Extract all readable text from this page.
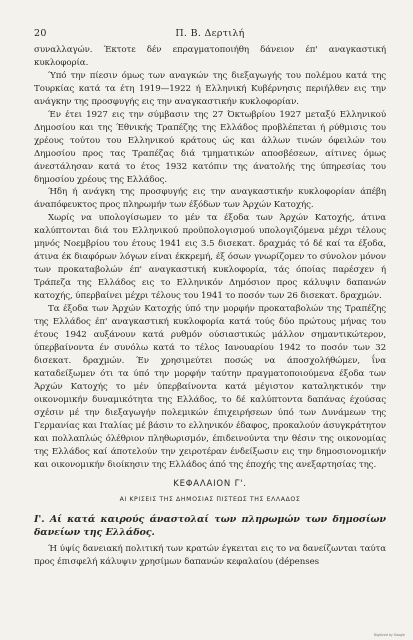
20	Π. Β. Δερτιλή

συναλλαγών. Έκτοτε δέν επραγματοποιήθη δάνειον έπ' αναγκαστική κυκλοφορία.

Ύπό την πίεσιν όμως των αναγκών της διεξαγωγής του πολέμου κατά της Τουρκίας κατά τα έτη 1919—1922 ή Ελληνική Κυβέρνησις περιήλθεν εις την ανάγκην της προσφυγής εις την αναγκαστικήν κυκλοφορίαν.

Έν έτει 1927 εις την σύμβασιν της 27 Όκτωβρίου 1927 μεταξύ Ελληνικού Δημοσίου και της Έθνικής Τραπέζης της Ελλάδος προβλέπεται ή ρύθμισις του χρέους τούτου του Ελληνικού κράτους ώς και άλλων τινών όφειλών του Δημοσίου προς τας Τραπέζας διά τμηματικών αποσβέσεων, αίτινες όμως άνεστάλησαν κατά το έτος 1932 κατόπιν της άνατολής της ύπηρεσίας του δημοσίου χρέους της Ελλάδος.

Ήδη ή ανάγκη της προσφυγής εις την αναγκαστικήν κυκλοφορίαν άπέβη άναπόφευκτος προς πληρωμήν των έξόδων των Άρχών Κατοχής.

Χωρίς να υπολογίσωμεν το μέν τα έξοδα των Άρχών Κατοχής, άτινα καλύπτονται διά του Ελληνικού προϋπολογισμού υπολογιζόμενα μέχρι τέλους μηνός Νοεμβρίου του έτους 1941 εις 3.5 δισεκατ. δραχμάς τό δέ καί τα έξοδα, άτινα έκ διαφόρων λόγων είναι έκκρεμή, έξ όσων γνωρίζομεν το σύνολον μόνον των προκαταβολών έπ' αναγκαστική κυκλοφορία, τάς όποίας παρέσχεν ή Τράπεζα της Ελλάδος εις το Ελληνικόν Δημόσιον προς κάλυψιν δαπανών κατοχής, ύπερβαίνει μέχρι τέλους του 1941 το ποσόν των 26 δισεκατ. δραχμών.

Τα έξοδα των Άρχών Κατοχής ύπό την μορφήν προκαταβολών της Τραπέζης της Ελλάδος έπ' αναγκαστική κυκλοφορία κατά τούς δύο πρώτους μήνας του έτους 1942 αυξάνουν κατά ρυθμόν ούσιαστικώς μάλλον σημαντικώτερον, ύπερβαίνοντα έν συνόλω κατά το τέλος Ιανουαρίου 1942 το ποσόν των 32 δισεκατ. δραχμών. Έν χρησιμεύτει ποσώς να άποσχολήθώμεν, ΐνα καταδείξωμεν ότι τα ύπό την μορφήν ταύτην πραγματοποιούμενα έξοδα των Άρχών Κατοχής το μέν ύπερβαίνοντα κατά μέγιστον καταληκτικόν την οικονομικήν δυναμικότητα της Ελλάδος, το δέ καλύπτοντα δαπάνας έχούσας σχέσιν μέ την διεξαγωγήν πολεμικών έπιχειρήσεων ύπό των Δυνάμεων της Γερμανίας και Ιταλίας μέ βάσιν το ελληνικόν έδαφος, προκαλούν άσυγκράτητον και πολλαπλώς όλέθριον πληθωρισμόν, έπιδεινούντα την θέσιν της οικονομίας της Ελλάδος καί άποτελούν την χειροτέραν ένδείξωσιν εις την δημοσιονομικήν και οικονομικήν διοίκησιν της Ελλάδος άπό της έποχής της ανεξαρτησίας της.

ΚΕΦΑΛΑΙΟΝ Γ'.
ΑΙ ΚΡΙΣΕΙΣ ΤΗΣ ΔΗΜΟΣΙΑΣ ΠΙΣΤΕΩΣ ΤΗΣ ΕΛΛΑΔΟΣ
Ι'. Αί κατά καιρούς άναστολαί των πληρωμών των δημοσίων δανείων της Ελλάδος.

Ή ύψίς δανειακή πολιτική των κρατών έγκειται εις το να δανείζωνται ταύτα προς έπισφελή κάλυψιν χρησίμων δαπανών κεφαλαίου (dépenses

Digitized by Google
